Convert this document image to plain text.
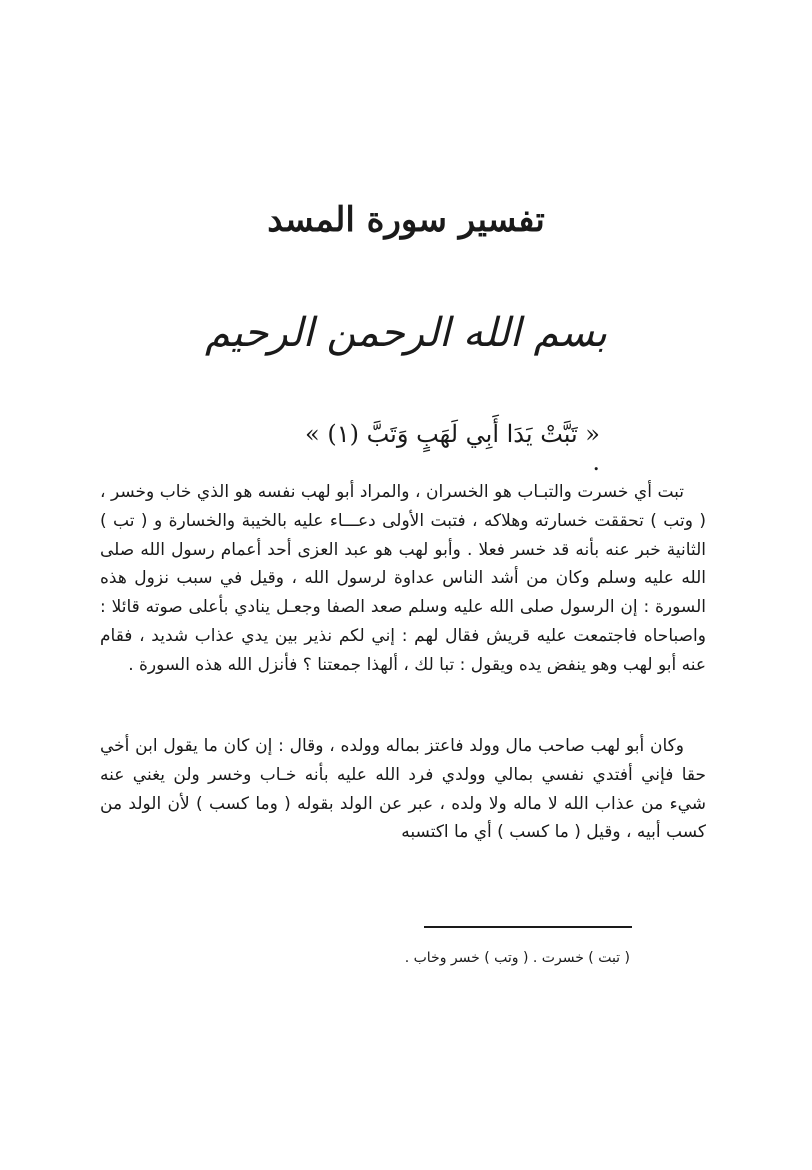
تفسير سورة المسد
بسم الله الرحمن الرحيم
« تَبَّتْ يَدَا أَبِي لَهَبٍ وَتَبَّ (١) » .
تبت أي خسرت والتبـاب هو الخسران ، والمراد أبو لهب نفسه هو الذي خاب وخسر ، ( وتب ) تحققت خسارته وهلاكه ، فتبت الأولى دعـــاء عليه بالخيبة والخسارة و ( تب ) الثانية خبر عنه بأنه قد خسر فعلا . وأبو لهب هو عبد العزى أحد أعمام رسول الله صلى الله عليه وسلم وكان من أشد الناس عداوة لرسول الله ، وقيل في سبب نزول هذه السورة : إن الرسول صلى الله عليه وسلم صعد الصفا وجعـل ينادي بأعلى صوته قائلا : واصباحاه فاجتمعت عليه قريش فقال لهم : إني لكم نذير بين يدي عذاب شديد ، فقام عنه أبو لهب وهو ينفض يده ويقول : تبا لك ، ألهذا جمعتنا ؟ فأنزل الله هذه السورة .
وكان أبو لهب صاحب مال وولد فاعتز بماله وولده ، وقال : إن كان ما يقول ابن أخي حقا فإني أفتدي نفسي بمالي وولدي فرد الله عليه بأنه خـاب وخسر ولن يغني عنه شيء من عذاب الله لا ماله ولا ولده ، عبر عن الولد بقوله ( وما كسب ) لأن الولد من كسب أبيه ، وقيل ( ما كسب ) أي ما اكتسبه
( تبت ) خسرت . ( وتب ) خسر وخاب .
